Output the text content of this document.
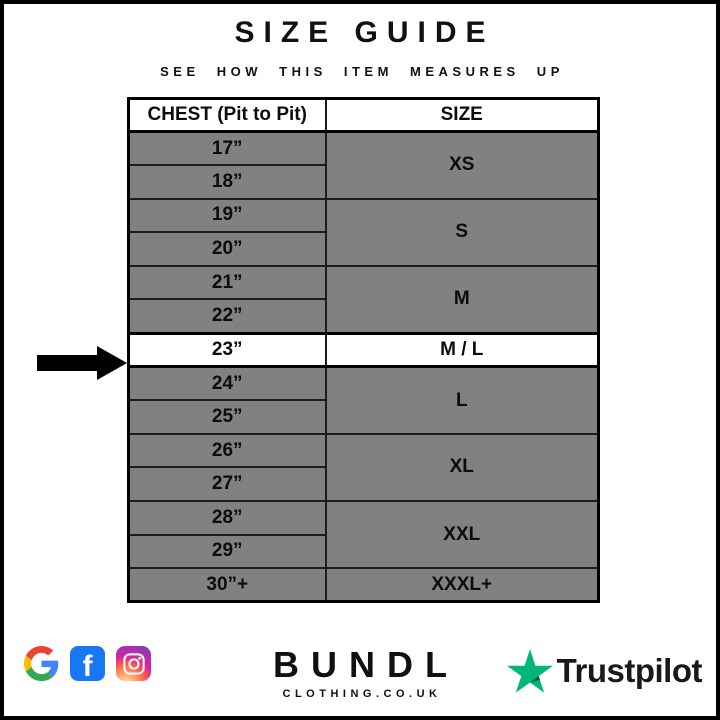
SIZE GUIDE
SEE HOW THIS ITEM MEASURES UP
CHEST (Pit to Pit)	SIZE
17”	XS
18”	
19”	S
20”	
21”	M
22”	
23”	M / L
24”	L
25”	
26”	XL
27”	
28”	XXL
29”	
30”+	XXXL+
f	BUNDL
CLOTHING.CO.UK
Trustpilot
